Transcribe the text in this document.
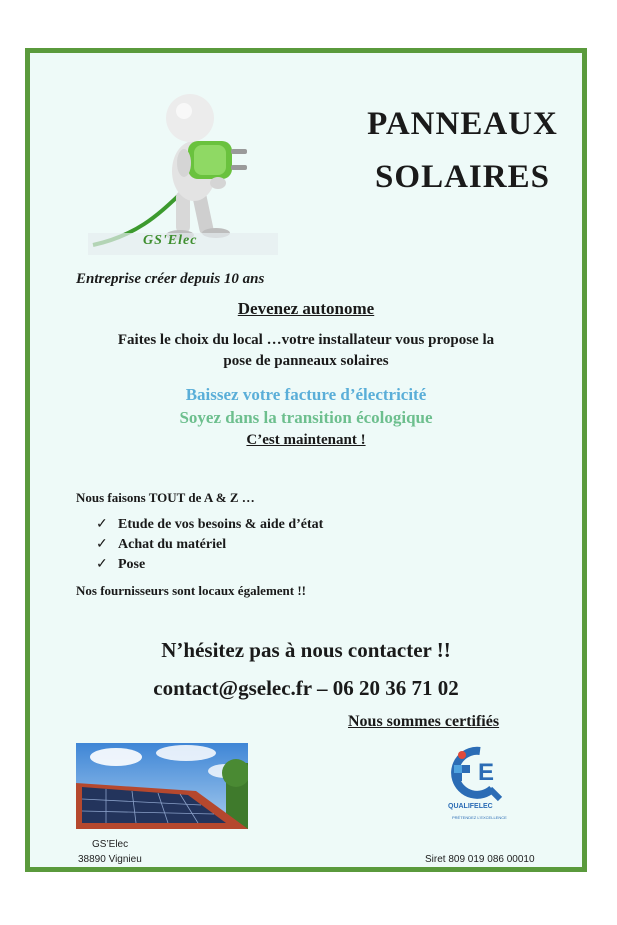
GS'Elec
PANNEAUX
SOLAIRES
Entreprise créer depuis 10 ans
Devenez autonome
Faites le choix du local …votre installateur vous propose la
pose de panneaux solaires
Baissez votre facture d’électricité
Soyez dans la transition écologique
C’est maintenant !
Nous faisons TOUT de A & Z …
✓ Etude de vos besoins & aide d’état
✓ Achat du matériel
✓ Pose
Nos fournisseurs sont locaux également !!
N’hésitez pas à nous contacter !!
contact@gselec.fr – 06 20 36 71 02
Nous sommes certifiés
E
QUALIFELEC
PRÉTENDEZ L'EXCELLENCE
GS’Elec
38890 Vignieu	Siret 809 019 086 00010
